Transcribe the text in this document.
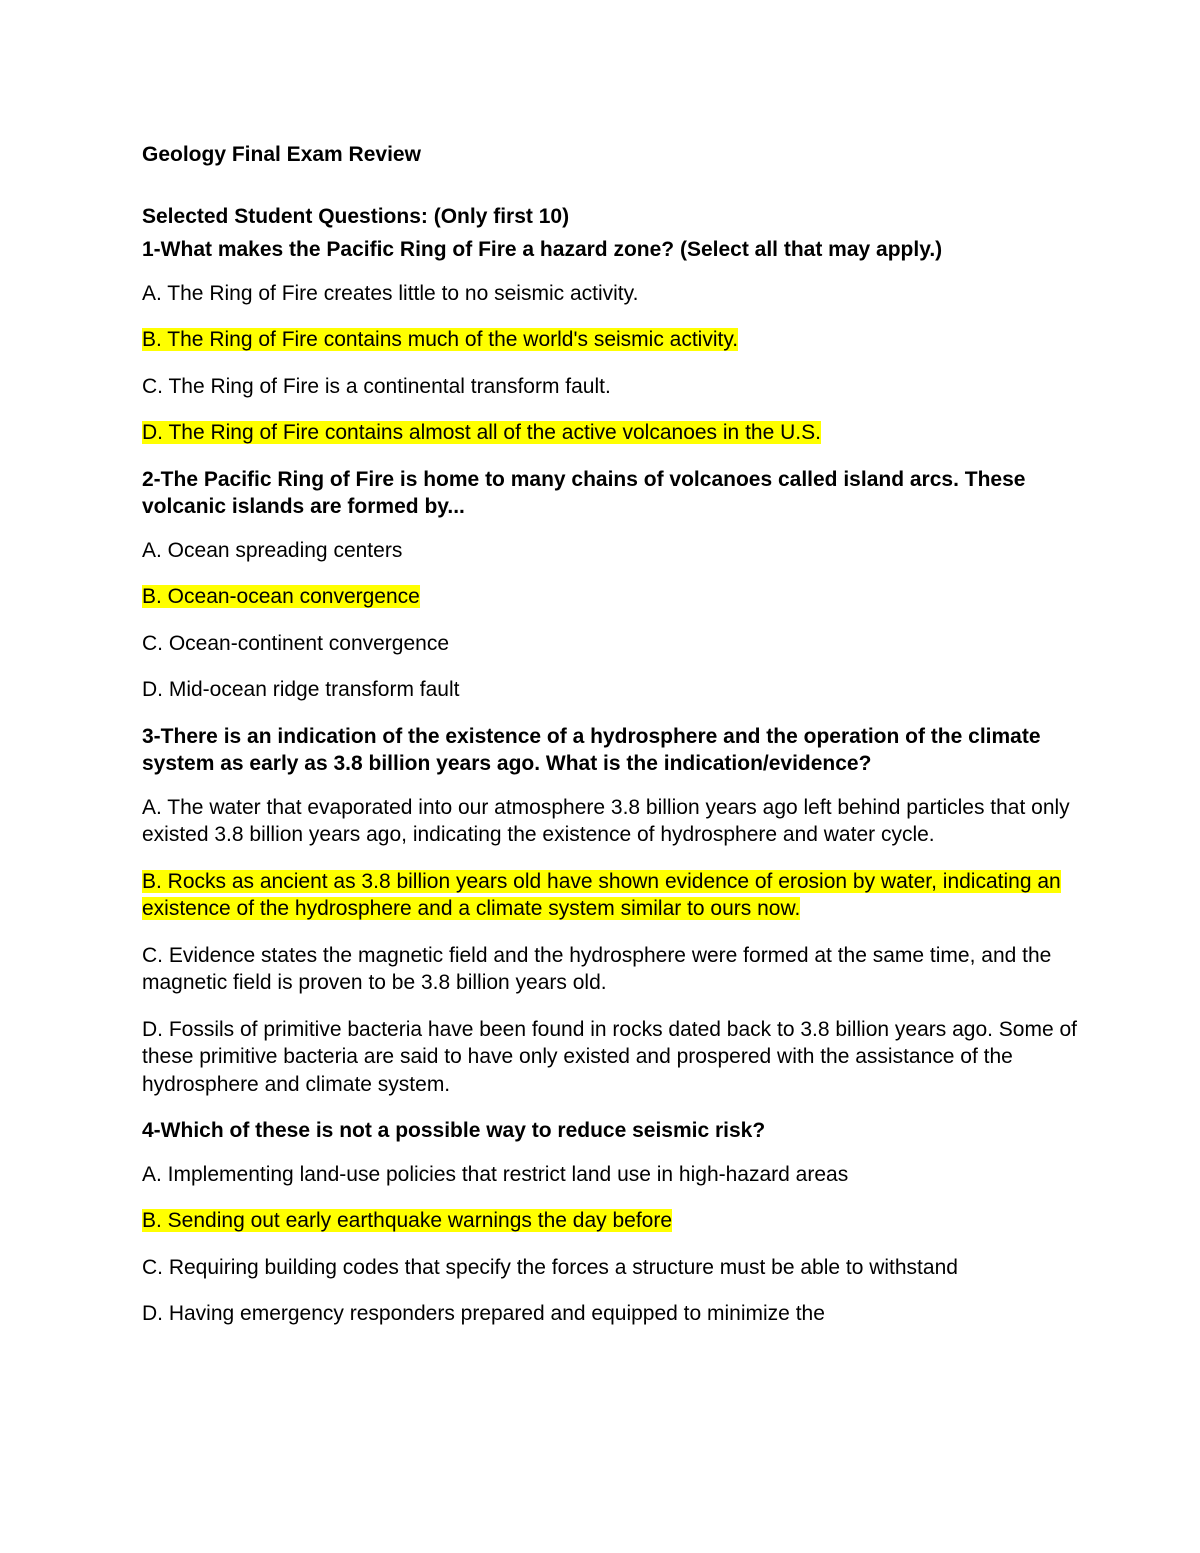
Geology Final Exam Review
Selected Student Questions: (Only first 10)
1-What makes the Pacific Ring of Fire a hazard zone? (Select all that may apply.)
A. The Ring of Fire creates little to no seismic activity.
B. The Ring of Fire contains much of the world's seismic activity.
C. The Ring of Fire is a continental transform fault.
D. The Ring of Fire contains almost all of the active volcanoes in the U.S.
2-The Pacific Ring of Fire is home to many chains of volcanoes called island arcs. These volcanic islands are formed by...
A. Ocean spreading centers
B. Ocean-ocean convergence
C. Ocean-continent convergence
D. Mid-ocean ridge transform fault
3-There is an indication of the existence of a hydrosphere and the operation of the climate system as early as 3.8 billion years ago. What is the indication/evidence?
A. The water that evaporated into our atmosphere 3.8 billion years ago left behind particles that only existed 3.8 billion years ago, indicating the existence of hydrosphere and water cycle.
B. Rocks as ancient as 3.8 billion years old have shown evidence of erosion by water, indicating an existence of the hydrosphere and a climate system similar to ours now.
C. Evidence states the magnetic field and the hydrosphere were formed at the same time, and the magnetic field is proven to be 3.8 billion years old.
D. Fossils of primitive bacteria have been found in rocks dated back to 3.8 billion years ago. Some of these primitive bacteria are said to have only existed and prospered with the assistance of the hydrosphere and climate system.
4-Which of these is not a possible way to reduce seismic risk?
A. Implementing land-use policies that restrict land use in high-hazard areas
B. Sending out early earthquake warnings the day before
C. Requiring building codes that specify the forces a structure must be able to withstand
D. Having emergency responders prepared and equipped to minimize the
